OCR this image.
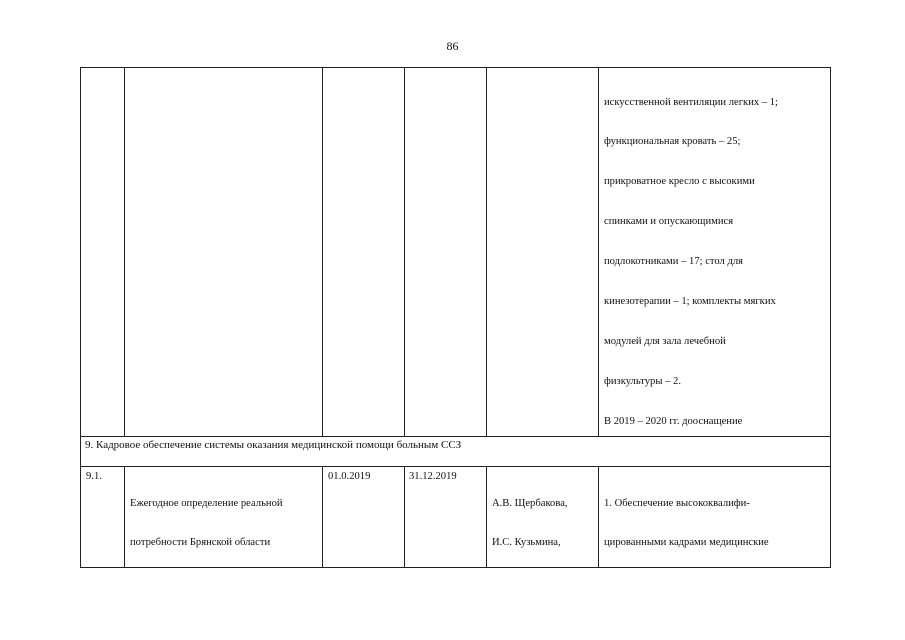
86

искусственной вентиляции легких – 1;

функциональная кровать – 25;

прикроватное кресло с высокими

спинками и опускающимися

подлокотниками – 17; стол для

кинезотерапии – 1; комплекты мягких

модулей для зала лечебной

физкультуры – 2.

В 2019 – 2020 гг. дооснащение

9. Кадровое обеспечение системы оказания медицинской помощи больным ССЗ
9.1.

Ежегодное определение реальной

потребности Брянской области

01.0.2019	31.12.2019

А.В. Щербакова,

И.С. Кузьмина,

1. Обеспечение высококвалифи-

цированными кадрами медицинские
